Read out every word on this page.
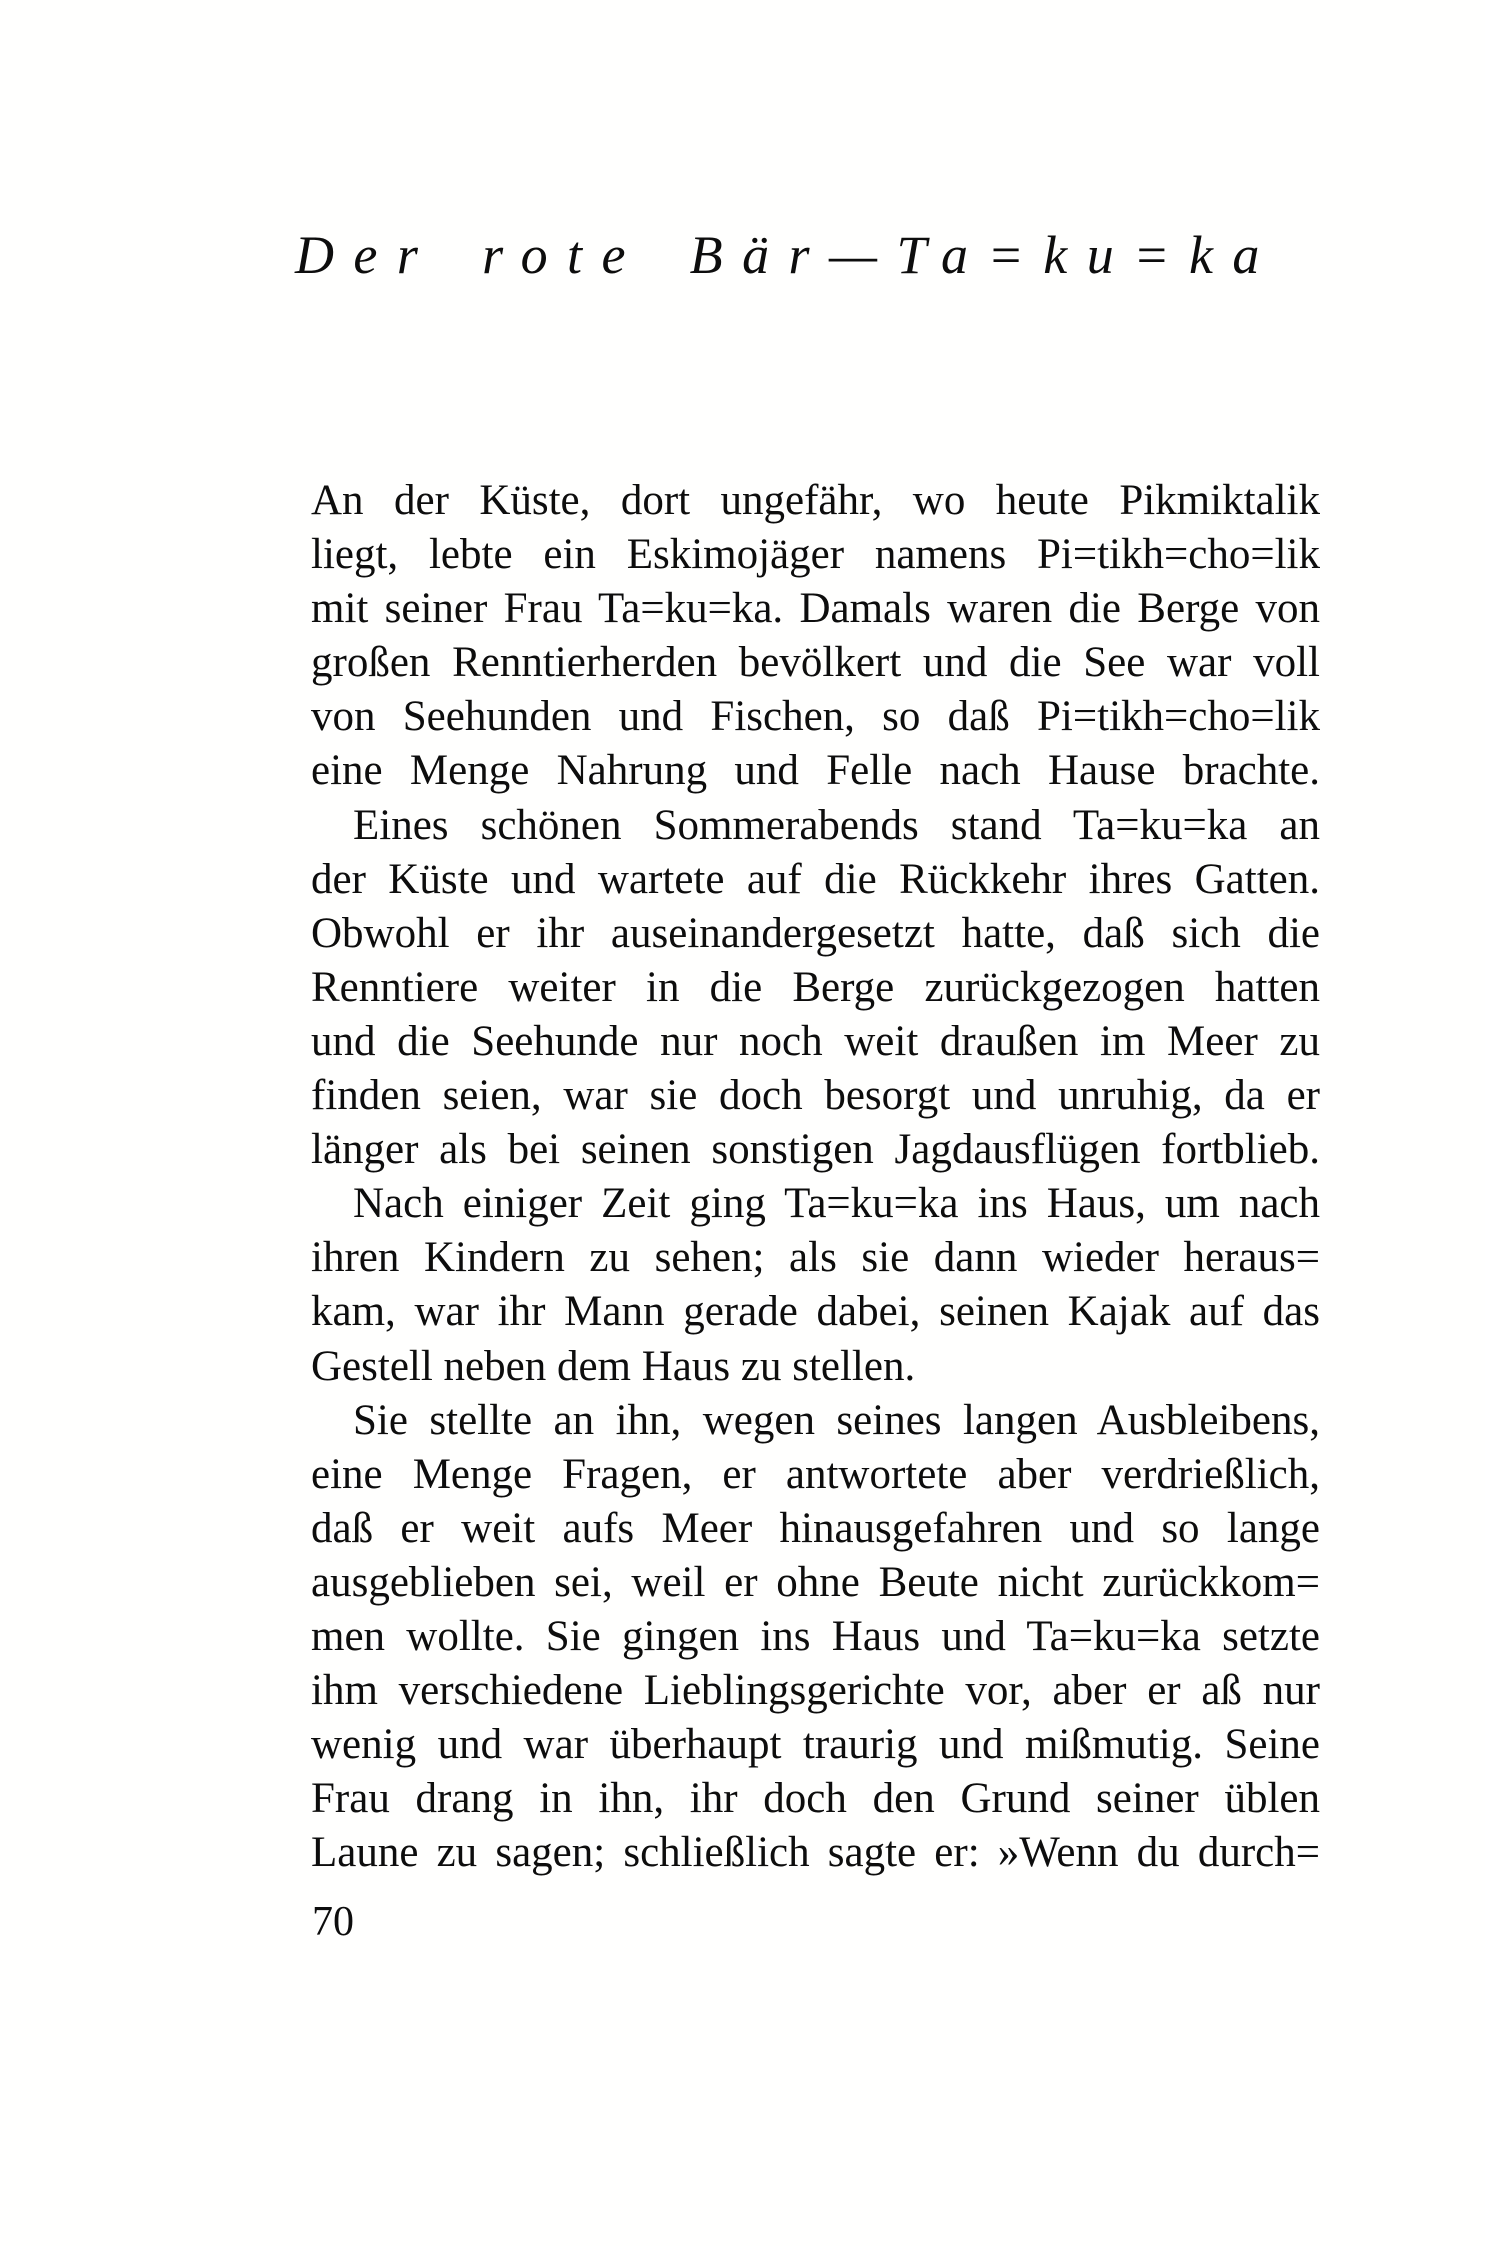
Der rote Bär—Ta=ku=ka
An der Küste, dort ungefähr, wo heute Pikmiktalik
liegt, lebte ein Eskimojäger namens Pi=tikh=cho=lik
mit seiner Frau Ta=ku=ka. Damals waren die Berge von
großen Renntierherden bevölkert und die See war voll
von Seehunden und Fischen, so daß Pi=tikh=cho=lik
eine Menge Nahrung und Felle nach Hause brachte.
Eines schönen Sommerabends stand Ta=ku=ka an
der Küste und wartete auf die Rückkehr ihres Gatten.
Obwohl er ihr auseinandergesetzt hatte, daß sich die
Renntiere weiter in die Berge zurückgezogen hatten
und die Seehunde nur noch weit draußen im Meer zu
finden seien, war sie doch besorgt und unruhig, da er
länger als bei seinen sonstigen Jagdausflügen fortblieb.
Nach einiger Zeit ging Ta=ku=ka ins Haus, um nach
ihren Kindern zu sehen; als sie dann wieder heraus=
kam, war ihr Mann gerade dabei, seinen Kajak auf das
Gestell neben dem Haus zu stellen.
Sie stellte an ihn, wegen seines langen Ausbleibens,
eine Menge Fragen, er antwortete aber verdrießlich,
daß er weit aufs Meer hinausgefahren und so lange
ausgeblieben sei, weil er ohne Beute nicht zurückkom=
men wollte. Sie gingen ins Haus und Ta=ku=ka setzte
ihm verschiedene Lieblingsgerichte vor, aber er aß nur
wenig und war überhaupt traurig und mißmutig. Seine
Frau drang in ihn, ihr doch den Grund seiner üblen
Laune zu sagen; schließlich sagte er: »Wenn du durch=
70
